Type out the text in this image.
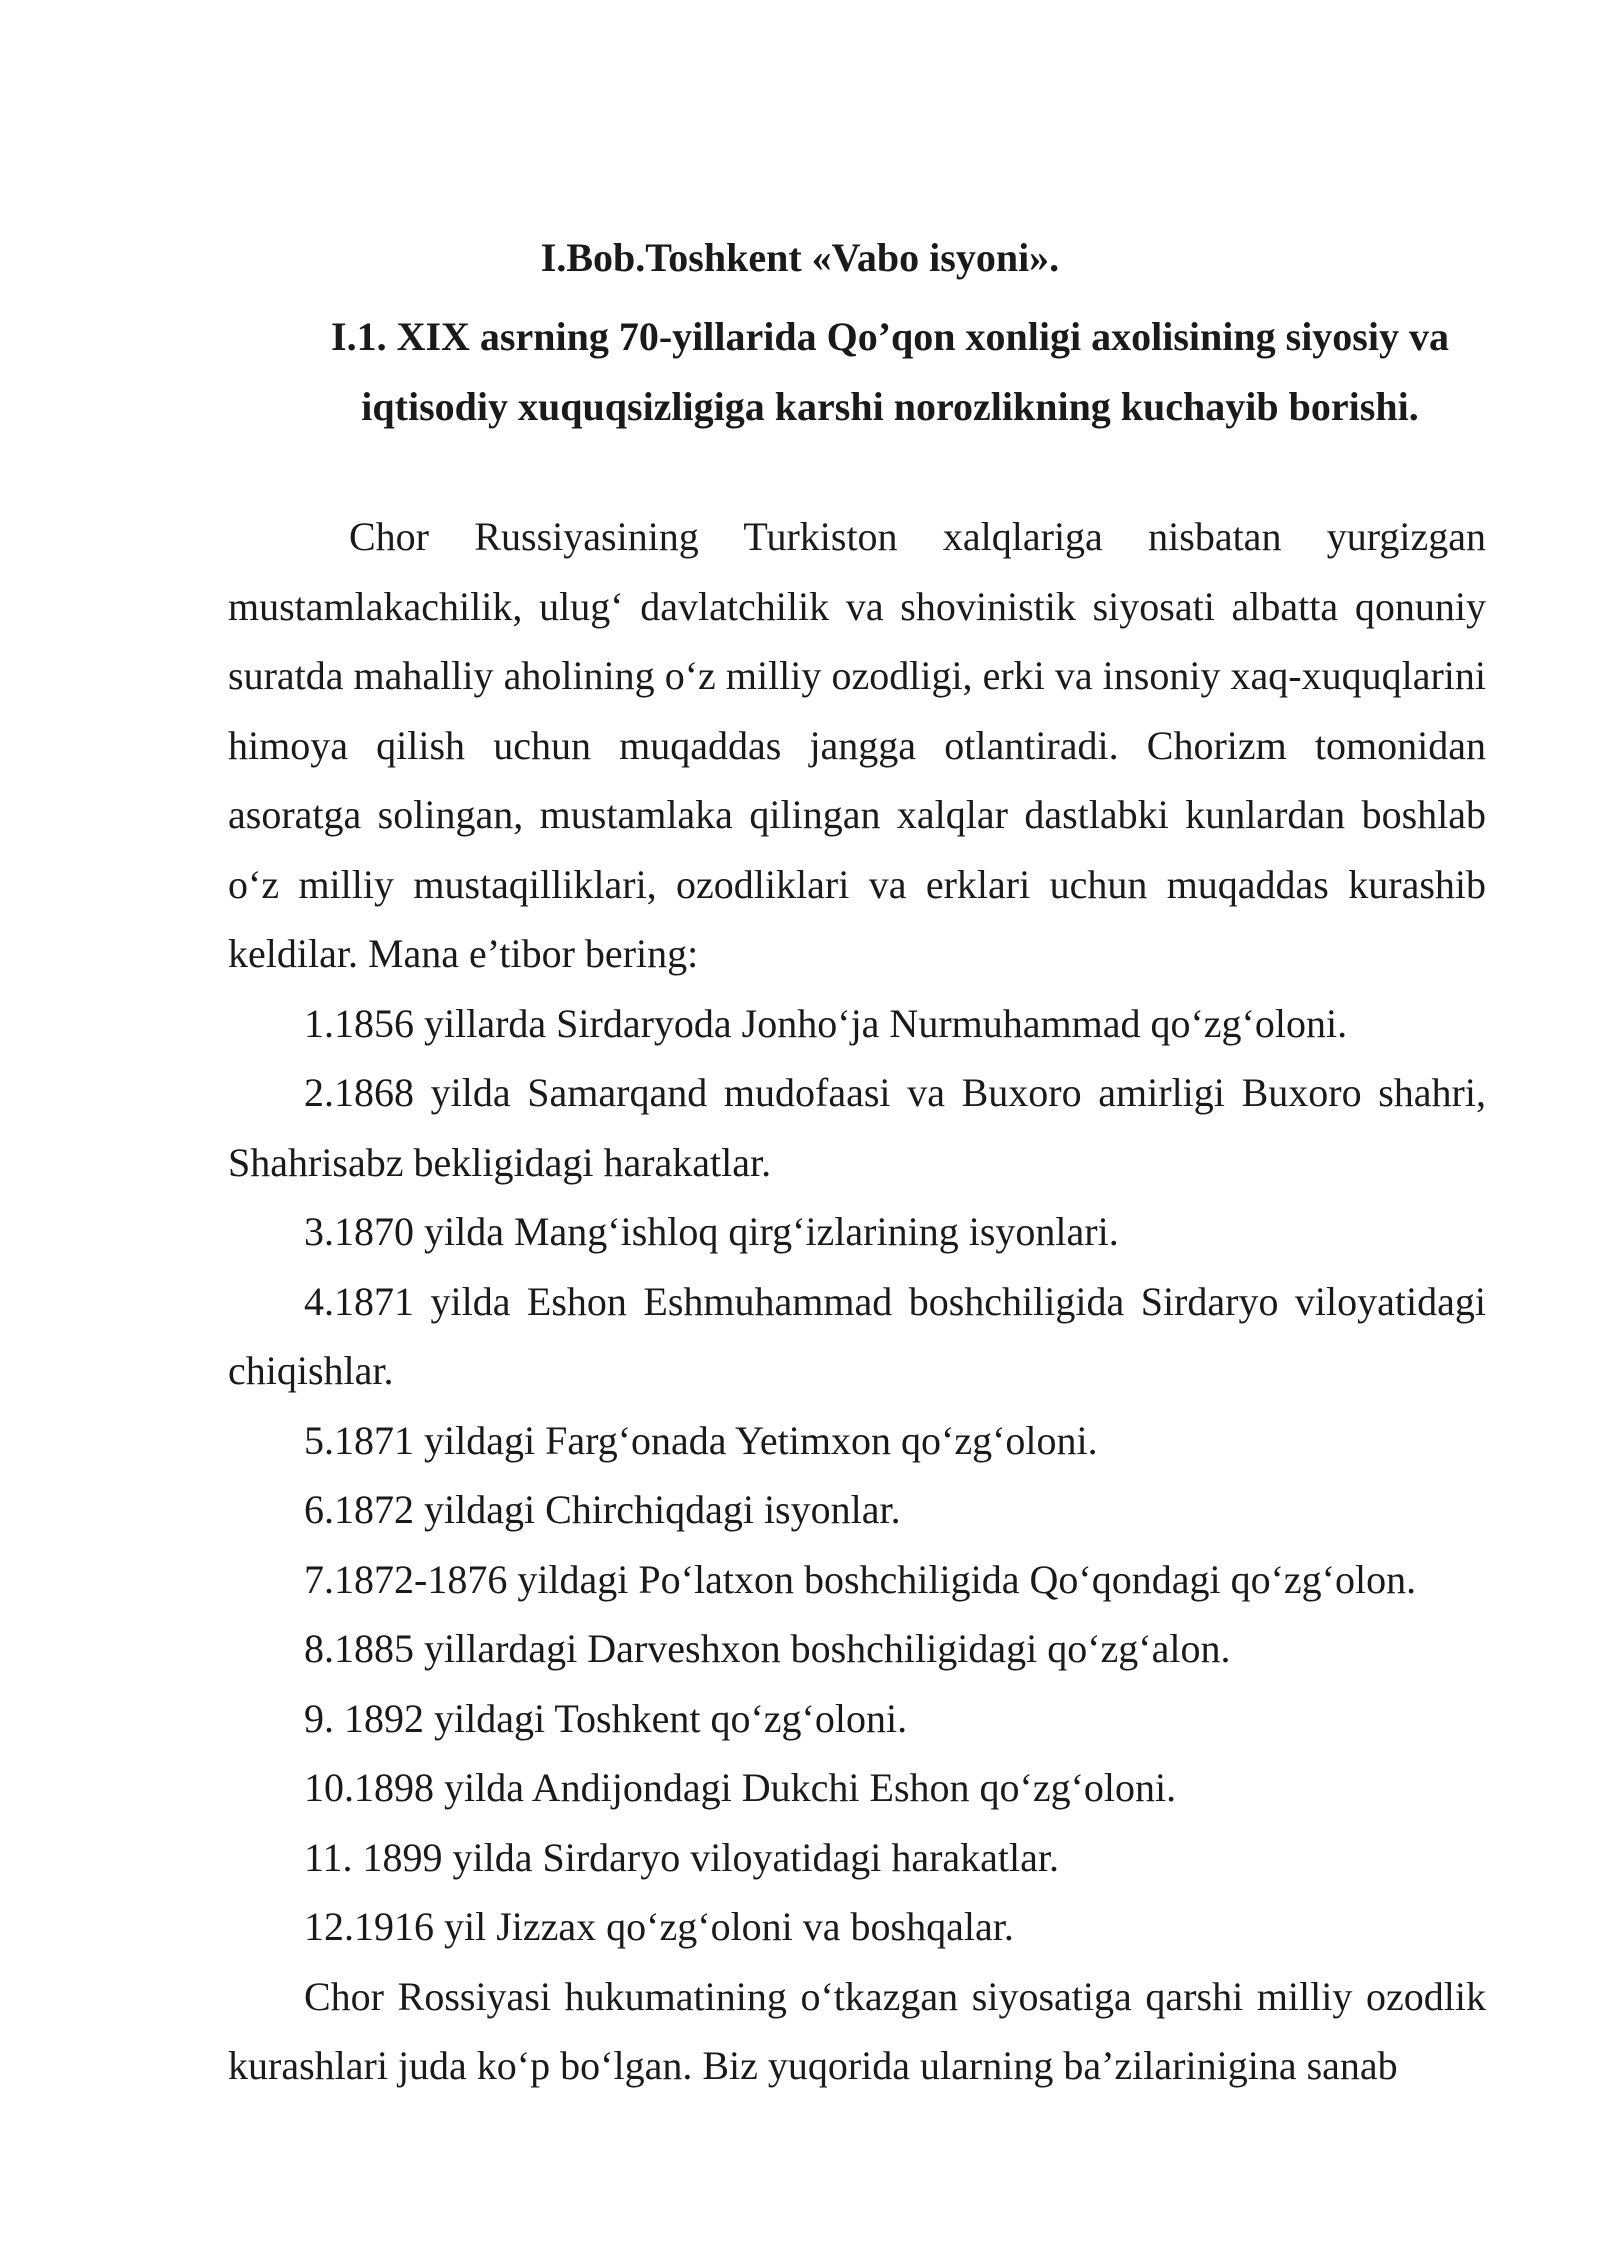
I.Bob.Toshkent «Vabo isyoni».
I.1. XIX asrning 70-yillarida Qo’qon xonligi axolisining siyosiy va iqtisodiy xuquqsizligiga karshi norozlikning kuchayib borishi.

Chor Russiyasining Turkiston xalqlariga nisbatan yurgizgan mustamlakachilik, ulug‘ davlatchilik va shovinistik siyosati albatta qonuniy suratda mahalliy aholining o‘z milliy ozodligi, erki va insoniy xaq-xuquqlarini himoya qilish uchun muqaddas jangga otlantiradi. Chorizm tomonidan asoratga solingan, mustamlaka qilingan xalqlar dastlabki kunlardan boshlab o‘z milliy mustaqilliklari, ozodliklari va erklari uchun muqaddas kurashib keldilar. Mana e’tibor bering:

1.1856 yillarda Sirdaryoda Jonho‘ja Nurmuhammad qo‘zg‘oloni.
2.1868 yilda Samarqand mudofaasi va Buxoro amirligi Buxoro shahri, Shahrisabz bekligidagi harakatlar.
3.1870 yilda Mang‘ishloq qirg‘izlarining isyonlari.
4.1871 yilda Eshon Eshmuhammad boshchiligida Sirdaryo viloyatidagi chiqishlar.
5.1871 yildagi Farg‘onada Yetimxon qo‘zg‘oloni.
6.1872 yildagi Chirchiqdagi isyonlar.
7.1872-1876 yildagi Po‘latxon boshchiligida Qo‘qondagi qo‘zg‘olon.
8.1885 yillardagi Darveshxon boshchiligidagi qo‘zg‘alon.
9. 1892 yildagi Toshkent qo‘zg‘oloni.
10.1898 yilda Andijondagi Dukchi Eshon qo‘zg‘oloni.
11. 1899 yilda Sirdaryo viloyatidagi harakatlar.
12.1916 yil Jizzax qo‘zg‘oloni va boshqalar.

Chor Rossiyasi hukumatining o‘tkazgan siyosatiga qarshi milliy ozodlik kurashlari juda ko‘p bo‘lgan. Biz yuqorida ularning ba’zilarinigina sanab
